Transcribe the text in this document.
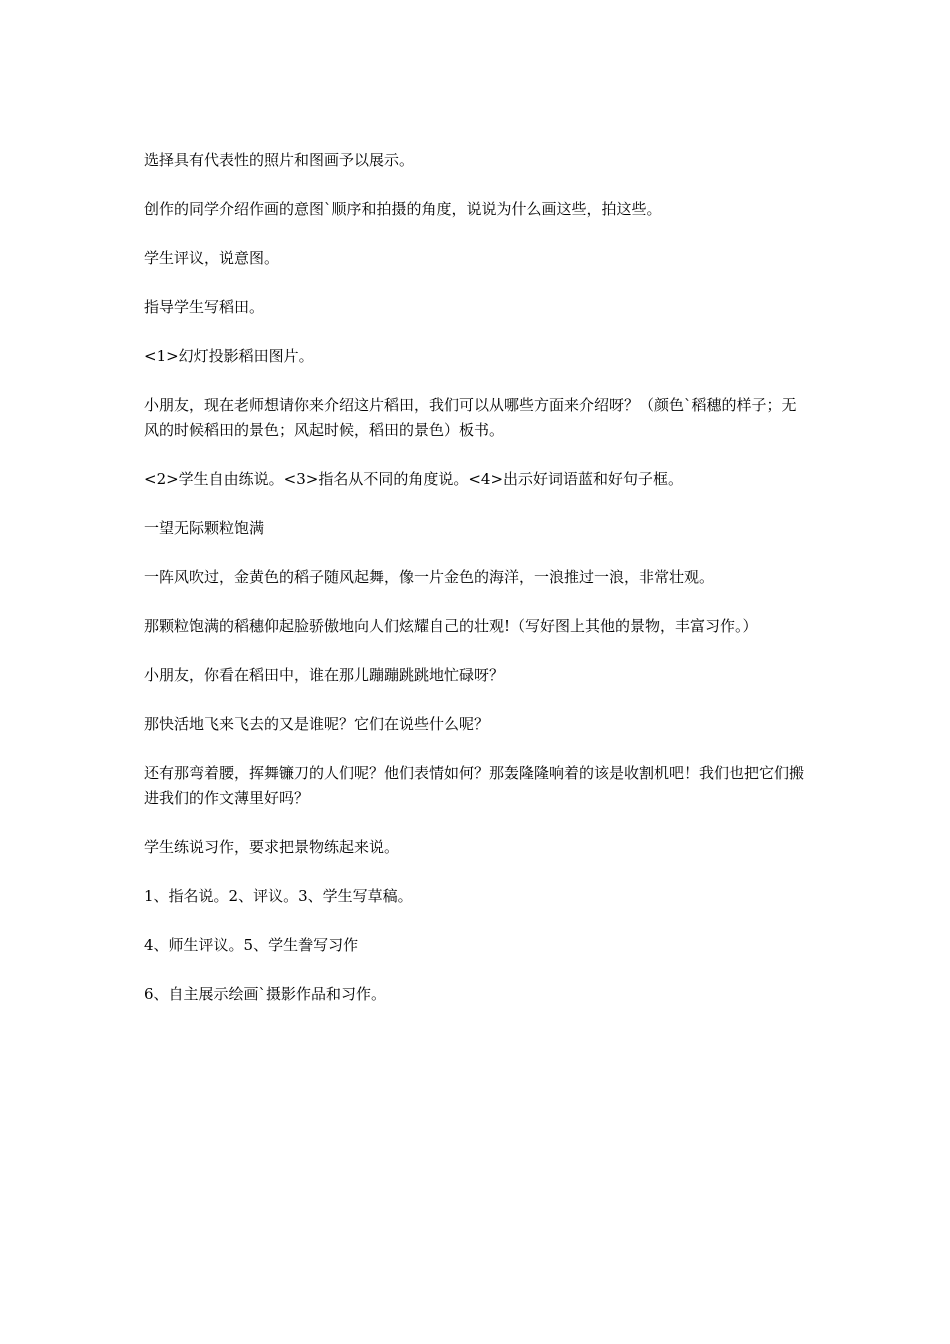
选择具有代表性的照片和图画予以展示。

创作的同学介绍作画的意图`顺序和拍摄的角度，说说为什么画这些，拍这些。

学生评议，说意图。

指导学生写稻田。

<1>幻灯投影稻田图片。

小朋友，现在老师想请你来介绍这片稻田，我们可以从哪些方面来介绍呀？（颜色`稻穗的样子；无风的时候稻田的景色；风起时候，稻田的景色）板书。

<2>学生自由练说。<3>指名从不同的角度说。<4>出示好词语蓝和好句子框。

一望无际颗粒饱满

一阵风吹过，金黄色的稻子随风起舞，像一片金色的海洋，一浪推过一浪，非常壮观。

那颗粒饱满的稻穗仰起脸骄傲地向人们炫耀自己的壮观!（写好图上其他的景物，丰富习作。）

小朋友，你看在稻田中，谁在那儿蹦蹦跳跳地忙碌呀？

那快活地飞来飞去的又是谁呢？它们在说些什么呢？

还有那弯着腰，挥舞镰刀的人们呢？他们表情如何？那轰隆隆响着的该是收割机吧！我们也把它们搬进我们的作文薄里好吗？

学生练说习作，要求把景物练起来说。

1、指名说。2、评议。3、学生写草稿。

4、师生评议。5、学生誊写习作

6、自主展示绘画`摄影作品和习作。
